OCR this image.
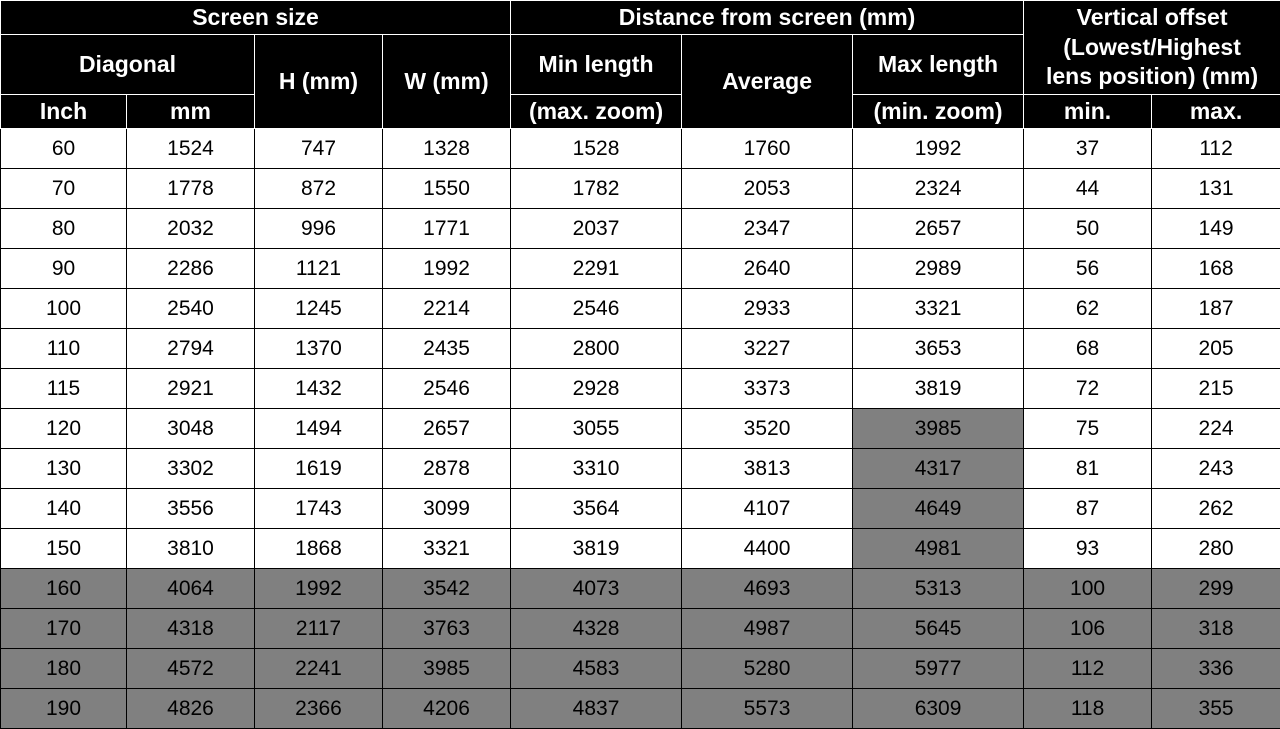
Screen size				Distance from screen (mm)			Vertical offset
(Lowest/Highest
lens position) (mm)	
Diagonal		H (mm)	W (mm)	Min length	Average	Max length		
Inch	mm			(max. zoom)		(min. zoom)	min.	max.
60	1524	747	1328	1528	1760	1992	37	112
70	1778	872	1550	1782	2053	2324	44	131
80	2032	996	1771	2037	2347	2657	50	149
90	2286	1121	1992	2291	2640	2989	56	168
100	2540	1245	2214	2546	2933	3321	62	187
110	2794	1370	2435	2800	3227	3653	68	205
115	2921	1432	2546	2928	3373	3819	72	215
120	3048	1494	2657	3055	3520	3985	75	224
130	3302	1619	2878	3310	3813	4317	81	243
140	3556	1743	3099	3564	4107	4649	87	262
150	3810	1868	3321	3819	4400	4981	93	280
160	4064	1992	3542	4073	4693	5313	100	299
170	4318	2117	3763	4328	4987	5645	106	318
180	4572	2241	3985	4583	5280	5977	112	336
190	4826	2366	4206	4837	5573	6309	118	355
